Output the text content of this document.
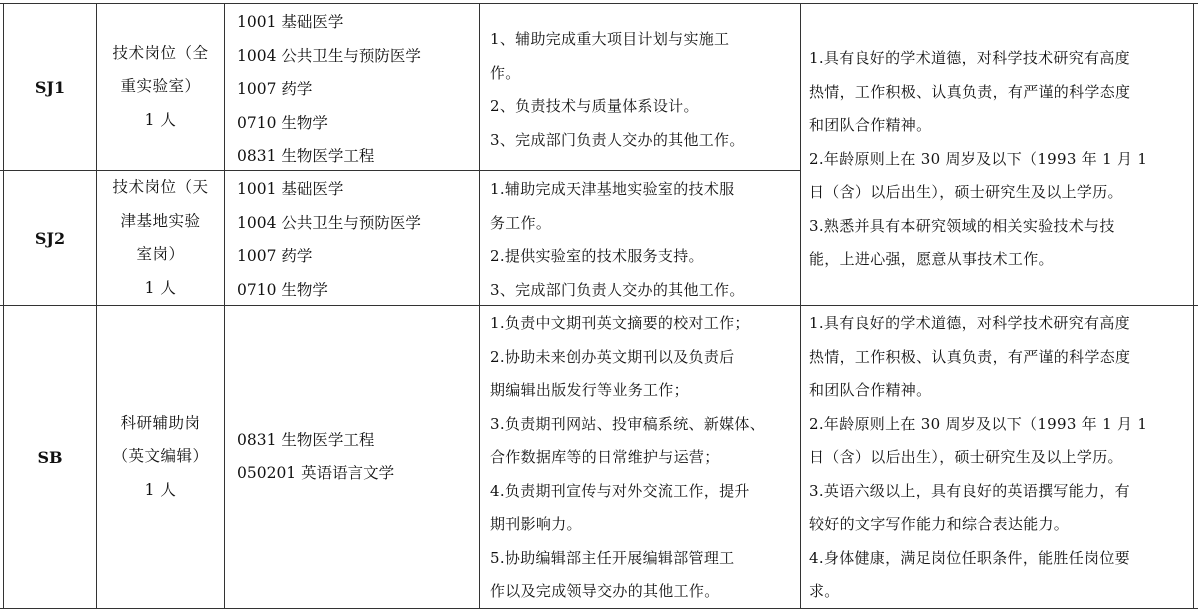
SJ1
技术岗位（全
重实验室）
1 人
1001 基础医学
1004 公共卫生与预防医学
1007 药学
0710 生物学
0831 生物医学工程
1、辅助完成重大项目计划与实施工
作。
2、负责技术与质量体系设计。
3、完成部门负责人交办的其他工作。
SJ2
技术岗位（天
津基地实验
室岗）
1 人
1001 基础医学
1004 公共卫生与预防医学
1007 药学
0710 生物学
1.辅助完成天津基地实验室的技术服
务工作。
2.提供实验室的技术服务支持。
3、完成部门负责人交办的其他工作。
1.具有良好的学术道德，对科学技术研究有高度
热情，工作积极、认真负责，有严谨的科学态度
和团队合作精神。
2.年龄原则上在 30 周岁及以下（1993 年 1 月 1
日（含）以后出生），硕士研究生及以上学历。
3.熟悉并具有本研究领域的相关实验技术与技
能，上进心强，愿意从事技术工作。
SB
科研辅助岗
（英文编辑）
1 人
0831 生物医学工程
050201 英语语言文学
1.负责中文期刊英文摘要的校对工作；
2.协助未来创办英文期刊以及负责后
期编辑出版发行等业务工作；
3.负责期刊网站、投审稿系统、新媒体、
合作数据库等的日常维护与运营；
4.负责期刊宣传与对外交流工作，提升
期刊影响力。
5.协助编辑部主任开展编辑部管理工
作以及完成领导交办的其他工作。
1.具有良好的学术道德，对科学技术研究有高度
热情，工作积极、认真负责，有严谨的科学态度
和团队合作精神。
2.年龄原则上在 30 周岁及以下（1993 年 1 月 1
日（含）以后出生），硕士研究生及以上学历。
3.英语六级以上，具有良好的英语撰写能力，有
较好的文字写作能力和综合表达能力。
4.身体健康，满足岗位任职条件，能胜任岗位要
求。
